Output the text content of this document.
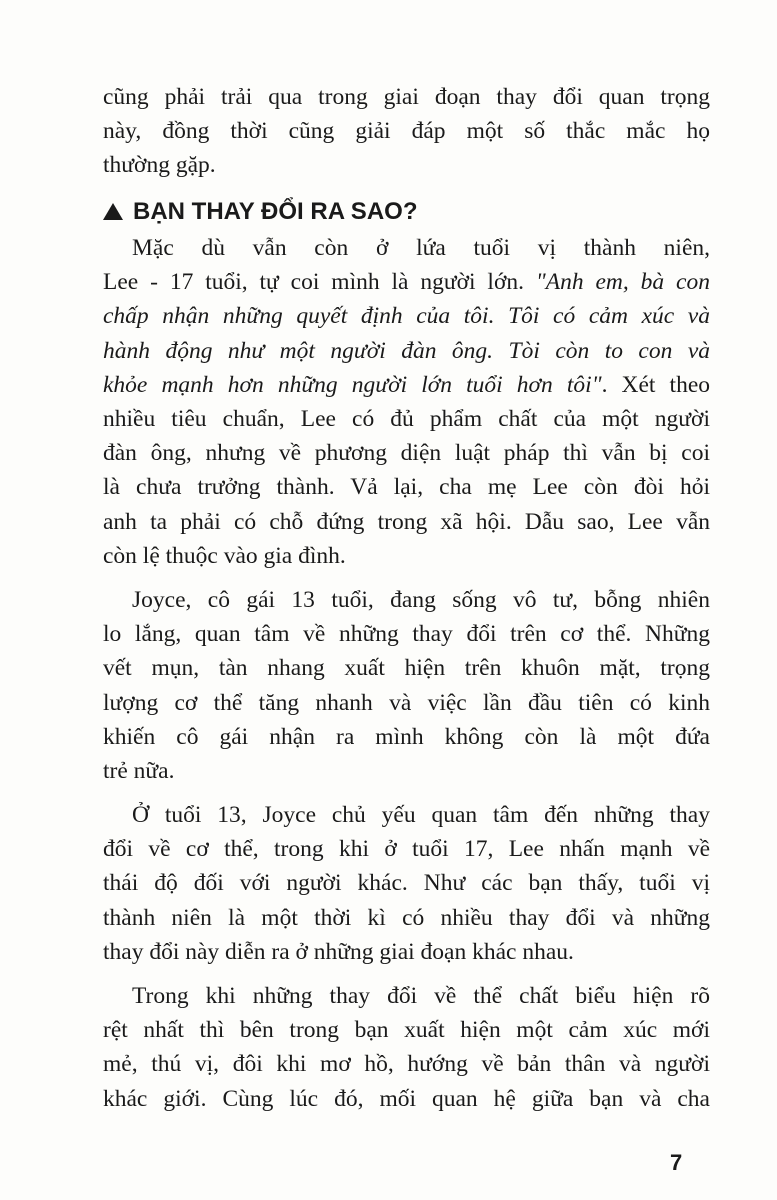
cũng phải trải qua trong giai đoạn thay đổi quan trọng
này, đồng thời cũng giải đáp một số thắc mắc họ
thường gặp.
BẠN THAY ĐỔI RA SAO?
Mặc dù vẫn còn ở lứa tuổi vị thành niên,
Lee - 17 tuổi, tự coi mình là người lớn. "Anh em, bà con
chấp nhận những quyết định của tôi. Tôi có cảm xúc và
hành động như một người đàn ông. Tòi còn to con và
khỏe mạnh hơn những người lớn tuổi hơn tôi". Xét theo
nhiều tiêu chuẩn, Lee có đủ phẩm chất của một người
đàn ông, nhưng về phương diện luật pháp thì vẫn bị coi
là chưa trưởng thành. Vả lại, cha mẹ Lee còn đòi hỏi
anh ta phải có chỗ đứng trong xã hội. Dẫu sao, Lee vẫn
còn lệ thuộc vào gia đình.
Joyce, cô gái 13 tuổi, đang sống vô tư, bỗng nhiên
lo lắng, quan tâm về những thay đổi trên cơ thể. Những
vết mụn, tàn nhang xuất hiện trên khuôn mặt, trọng
lượng cơ thể tăng nhanh và việc lần đầu tiên có kinh
khiến cô gái nhận ra mình không còn là một đứa
trẻ nữa.
Ở tuổi 13, Joyce chủ yếu quan tâm đến những thay
đổi về cơ thể, trong khi ở tuổi 17, Lee nhấn mạnh về
thái độ đối với người khác. Như các bạn thấy, tuổi vị
thành niên là một thời kì có nhiều thay đổi và những
thay đổi này diễn ra ở những giai đoạn khác nhau.
Trong khi những thay đổi về thể chất biểu hiện rõ
rệt nhất thì bên trong bạn xuất hiện một cảm xúc mới
mẻ, thú vị, đôi khi mơ hồ, hướng về bản thân và người
khác giới. Cùng lúc đó, mối quan hệ giữa bạn và cha
7
